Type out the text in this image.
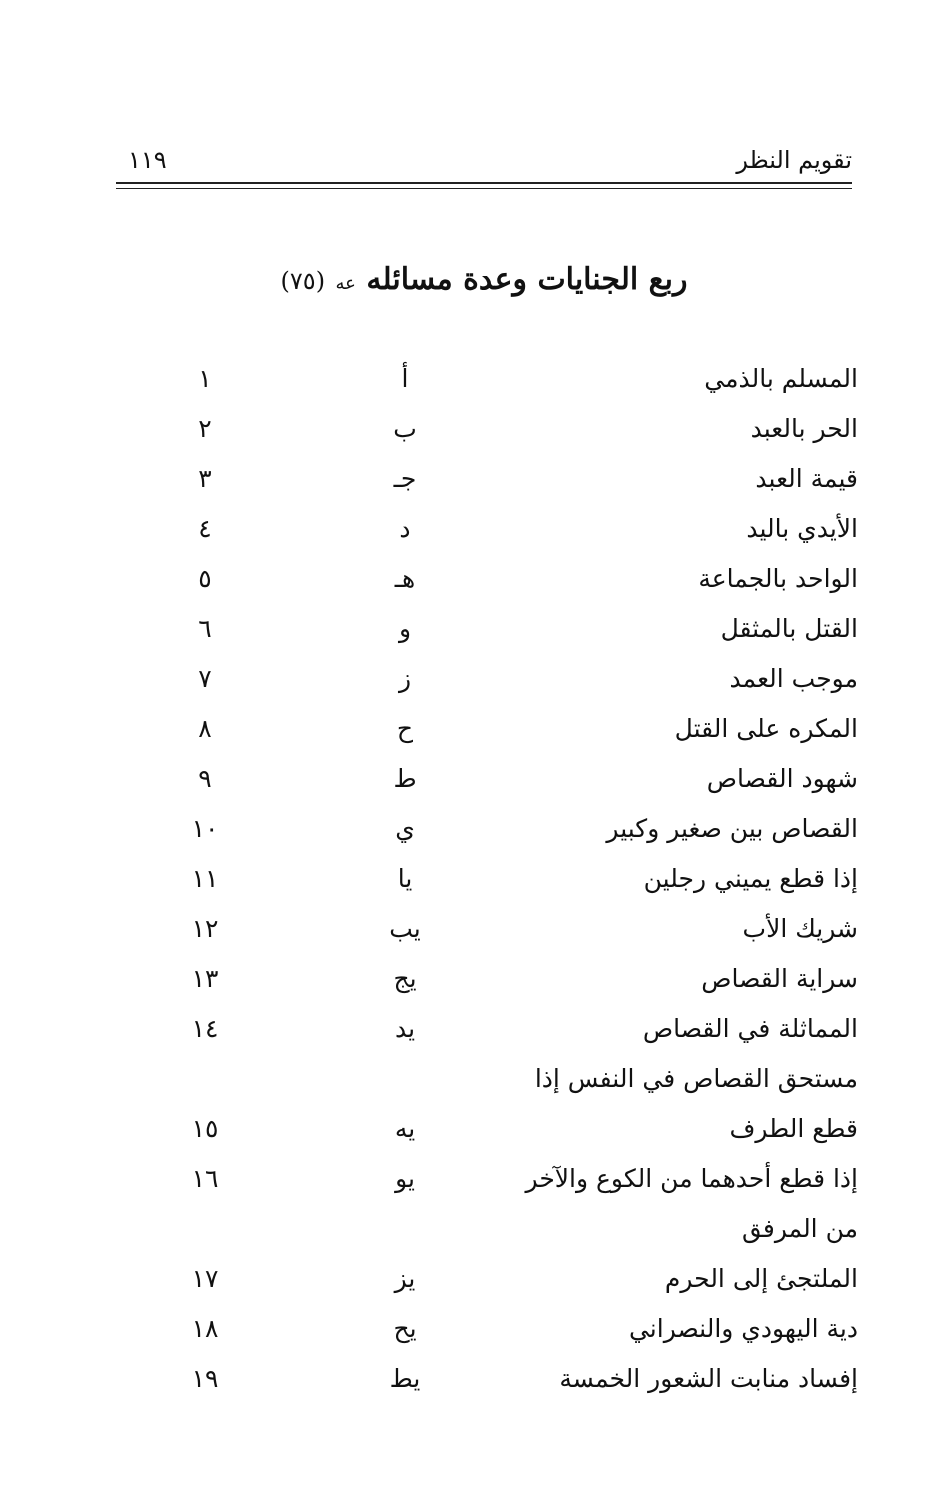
تقويم النظر
١١٩
ربع الجنايات وعدة مسائله عه (٧٥)
المسلم بالذمي
أ
١
الحر بالعبد
ب
٢
قيمة العبد
جـ
٣
الأيدي باليد
د
٤
الواحد بالجماعة
هـ
٥
القتل بالمثقل
و
٦
موجب العمد
ز
٧
المكره على القتل
ح
٨
شهود القصاص
ط
٩
القصاص بين صغير وكبير
ي
١٠
إذا قطع يميني رجلين
يا
١١
شريك الأب
يب
١٢
سراية القصاص
يج
١٣
المماثلة في القصاص
يد
١٤
مستحق القصاص في النفس إذا
قطع الطرف
يه
١٥
إذا قطع أحدهما من الكوع والآخر
يو
١٦
من المرفق
الملتجئ إلى الحرم
يز
١٧
دية اليهودي والنصراني
يح
١٨
إفساد منابت الشعور الخمسة
يط
١٩
